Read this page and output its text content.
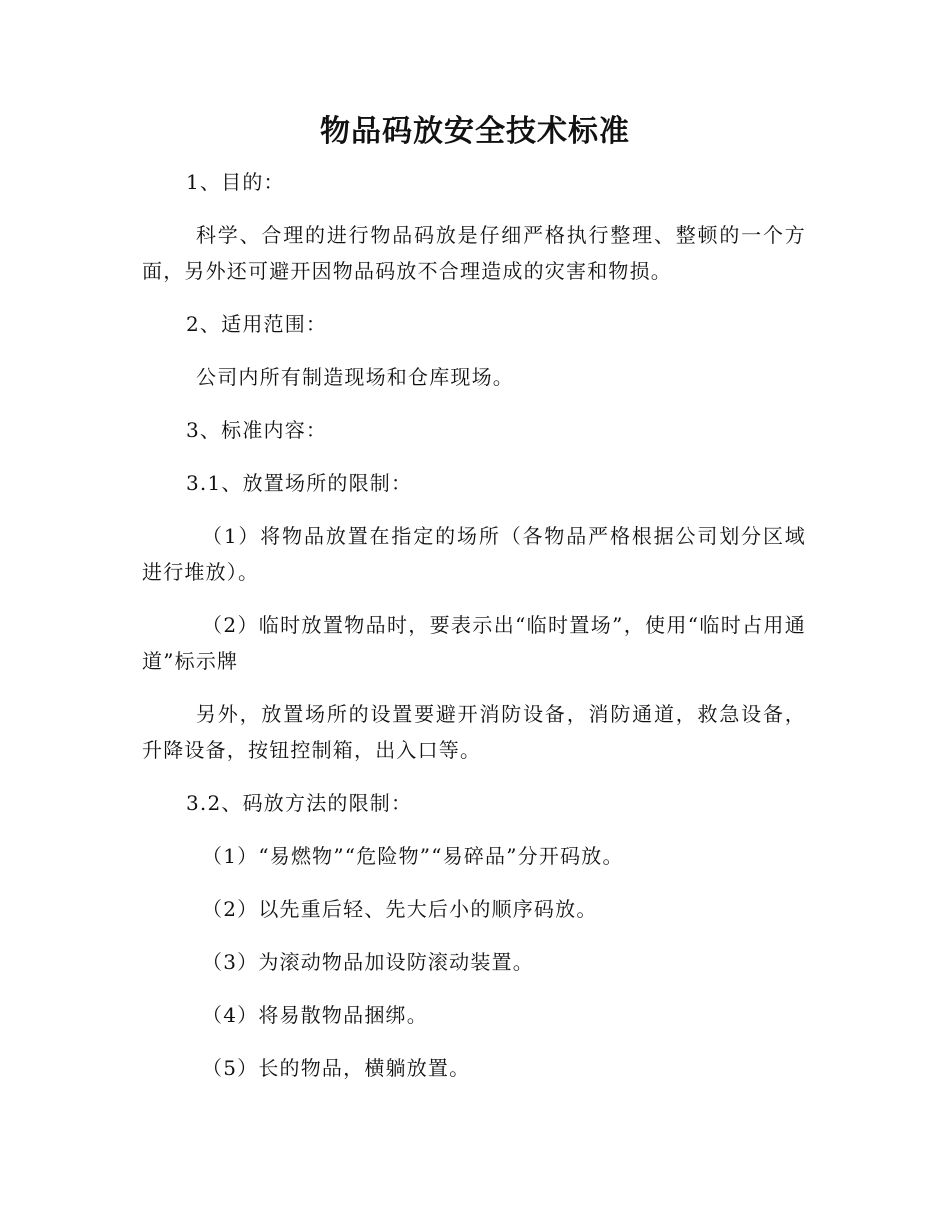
物品码放安全技术标准
1、目的：
科学、合理的进行物品码放是仔细严格执行整理、整顿的一个方面，另外还可避开因物品码放不合理造成的灾害和物损。
2、适用范围：
公司内所有制造现场和仓库现场。
3、标准内容：
3.1、放置场所的限制：
（1）将物品放置在指定的场所（各物品严格根据公司划分区域进行堆放）。
（2）临时放置物品时，要表示出“临时置场”，使用“临时占用通道”标示牌
另外，放置场所的设置要避开消防设备，消防通道，救急设备，升降设备，按钮控制箱，出入口等。
3.2、码放方法的限制：
（1）“易燃物”“危险物”“易碎品”分开码放。
（2）以先重后轻、先大后小的顺序码放。
（3）为滚动物品加设防滚动装置。
（4）将易散物品捆绑。
（5）长的物品，横躺放置。
